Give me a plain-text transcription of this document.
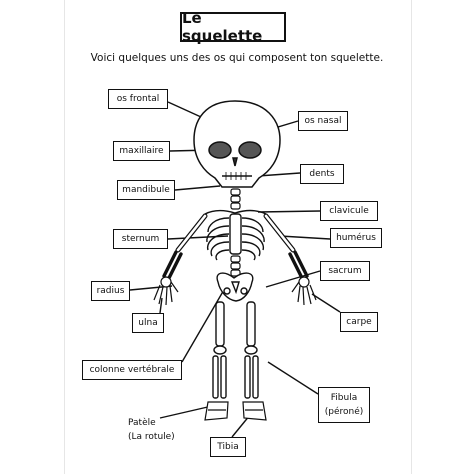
Le squelette
Voici quelques uns des os qui composent ton squelette.
os frontal
os nasal
maxillaire
dents
mandibule
clavicule
sternum	humérus
sacrum
radius
ulna	carpe
colonne vertébrale
Fibula
(péroné)
Patèle
(La rotule)
Tibia
